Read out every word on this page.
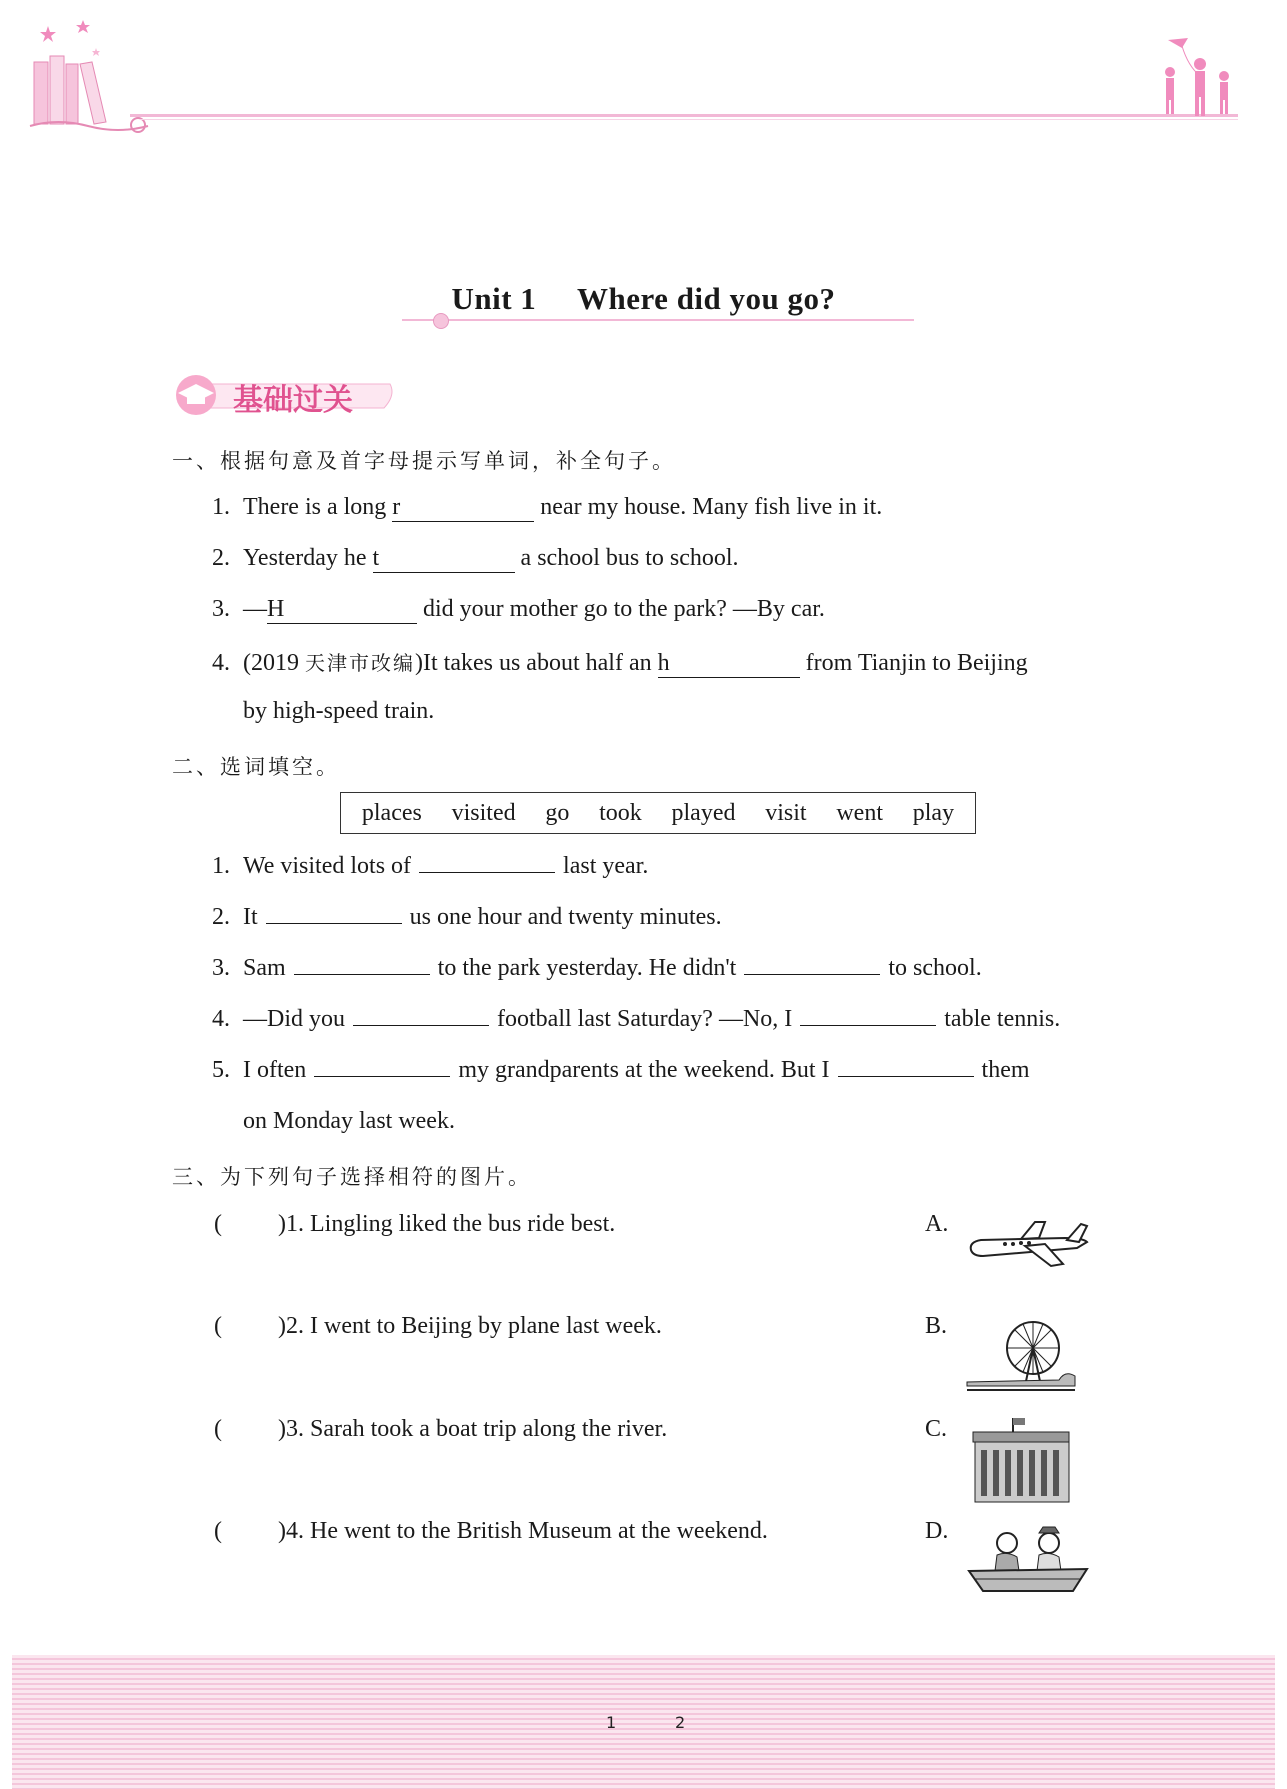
Unit 1 Where did you go?
基础过关
一、根据句意及首字母提示写单词，补全句子。
1. There is a long r	near my house. Many fish live in it.
2. Yesterday he t	a school bus to school.
3. —H	did your mother go to the park? —By car.
4. (2019 天津市改编)It takes us about half an h	from Tianjin to Beijing
by high-speed train.
二、选词填空。
places visited go took played visit went play
1. We visited lots of	last year.
2. It	us one hour and twenty minutes.
3. Sam	to the park yesterday. He didn't	to school.
4. —Did you	football last Saturday? —No, I	table tennis.
5. I often	my grandparents at the weekend. But I	them
on Monday last week.
三、为下列句子选择相符的图片。
( )1. Lingling liked the bus ride best.	A.
( )2. I went to Beijing by plane last week.	B.
( )3. Sarah took a boat trip along the river.	C.
( )4. He went to the British Museum at the weekend.	D.
1	2
